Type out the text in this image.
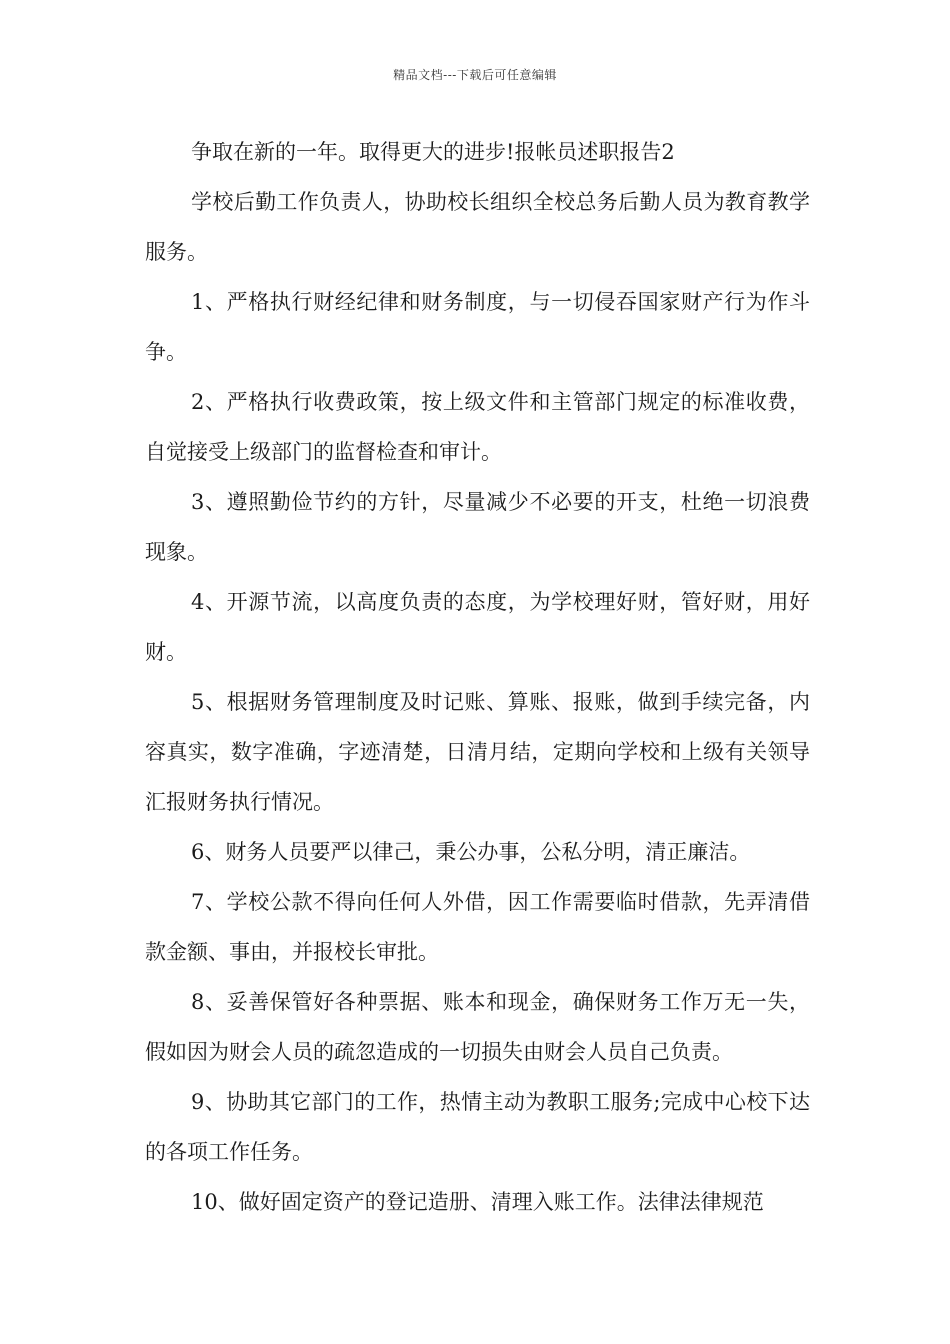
精品文档---下载后可任意编辑

争取在新的一年。取得更大的进步!报帐员述职报告2

学校后勤工作负责人，协助校长组织全校总务后勤人员为教育教学服务。

1、严格执行财经纪律和财务制度，与一切侵吞国家财产行为作斗争。

2、严格执行收费政策，按上级文件和主管部门规定的标准收费，自觉接受上级部门的监督检查和审计。

3、遵照勤俭节约的方针，尽量减少不必要的开支，杜绝一切浪费现象。

4、开源节流，以高度负责的态度，为学校理好财，管好财，用好财。

5、根据财务管理制度及时记账、算账、报账，做到手续完备，内容真实，数字准确，字迹清楚，日清月结，定期向学校和上级有关领导汇报财务执行情况。

6、财务人员要严以律己，秉公办事，公私分明，清正廉洁。

7、学校公款不得向任何人外借，因工作需要临时借款，先弄清借款金额、事由，并报校长审批。

8、妥善保管好各种票据、账本和现金，确保财务工作万无一失，假如因为财会人员的疏忽造成的一切损失由财会人员自己负责。

9、协助其它部门的工作，热情主动为教职工服务;完成中心校下达的各项工作任务。

10、做好固定资产的登记造册、清理入账工作。法律法律规范
